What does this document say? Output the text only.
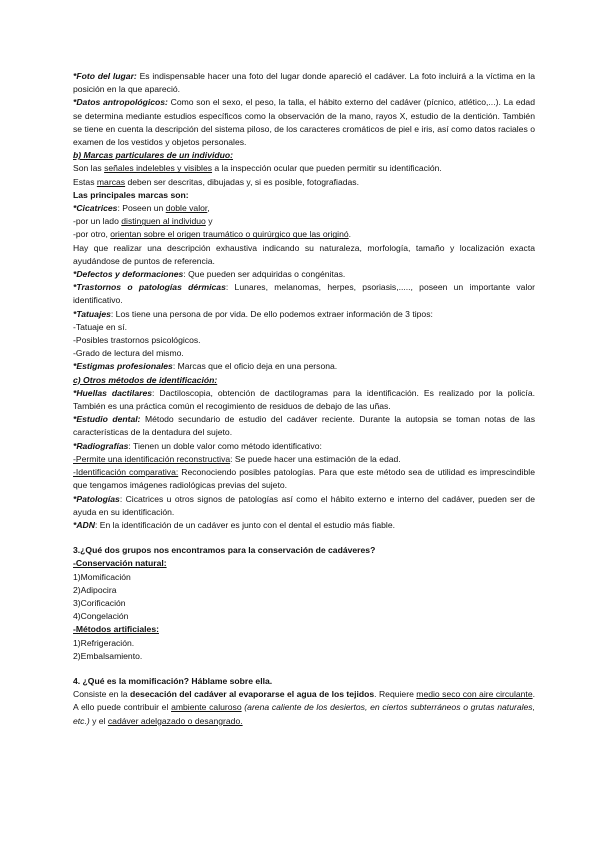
*Foto del lugar: Es indispensable hacer una foto del lugar donde apareció el cadáver. La foto incluirá a la víctima en la posición en la que apareció.

*Datos antropológicos: Como son el sexo, el peso, la talla, el hábito externo del cadáver (pícnico, atlético,...). La edad se determina mediante estudios específicos como la observación de la mano, rayos X, estudio de la dentición. También se tiene en cuenta la descripción del sistema piloso, de los caracteres cromáticos de piel e iris, así como datos raciales o examen de los vestidos y objetos personales.

b) Marcas particulares de un individuo:

Son las señales indelebles y visibles a la inspección ocular que pueden permitir su identificación.

Estas marcas deben ser descritas, dibujadas y, si es posible, fotografiadas.

Las principales marcas son:

*Cicatrices: Poseen un doble valor,

-por un lado distinguen al individuo y

-por otro, orientan sobre el origen traumático o quirúrgico que las originó.

Hay que realizar una descripción exhaustiva indicando su naturaleza, morfología, tamaño y localización exacta ayudándose de puntos de referencia.

*Defectos y deformaciones: Que pueden ser adquiridas o congénitas.

*Trastornos o patologías dérmicas: Lunares, melanomas, herpes, psoriasis,....., poseen un importante valor identificativo.

*Tatuajes: Los tiene una persona de por vida. De ello podemos extraer información de 3 tipos:

-Tatuaje en sí.

-Posibles trastornos psicológicos.

-Grado de lectura del mismo.

*Estigmas profesionales: Marcas que el oficio deja en una persona.

c) Otros métodos de identificación:

*Huellas dactilares: Dactiloscopia, obtención de dactilogramas para la identificación. Es realizado por la policía. También es una práctica común el recogimiento de residuos de debajo de las uñas.

*Estudio dental: Método secundario de estudio del cadáver reciente. Durante la autopsia se toman notas de las características de la dentadura del sujeto.

*Radiografías: Tienen un doble valor como método identificativo:

-Permite una identificación reconstructiva: Se puede hacer una estimación de la edad.

-Identificación comparativa: Reconociendo posibles patologías. Para que este método sea de utilidad es imprescindible que tengamos imágenes radiológicas previas del sujeto.

*Patologías: Cicatrices u otros signos de patologías así como el hábito externo e interno del cadáver, pueden ser de ayuda en su identificación.

*ADN: En la identificación de un cadáver es junto con el dental el estudio más fiable.

3.¿Qué dos grupos nos encontramos para la conservación de cadáveres?

-Conservación natural:

1)Momificación

2)Adipocira

3)Corificación

4)Congelación

-Métodos artificiales:

1)Refrigeración.

2)Embalsamiento.

4. ¿Qué es la momificación? Háblame sobre ella.

Consiste en la desecación del cadáver al evaporarse el agua de los tejidos. Requiere medio seco con aire circulante. A ello puede contribuir el ambiente caluroso (arena caliente de los desiertos, en ciertos subterráneos o grutas naturales, etc.) y el cadáver adelgazado o desangrado.
